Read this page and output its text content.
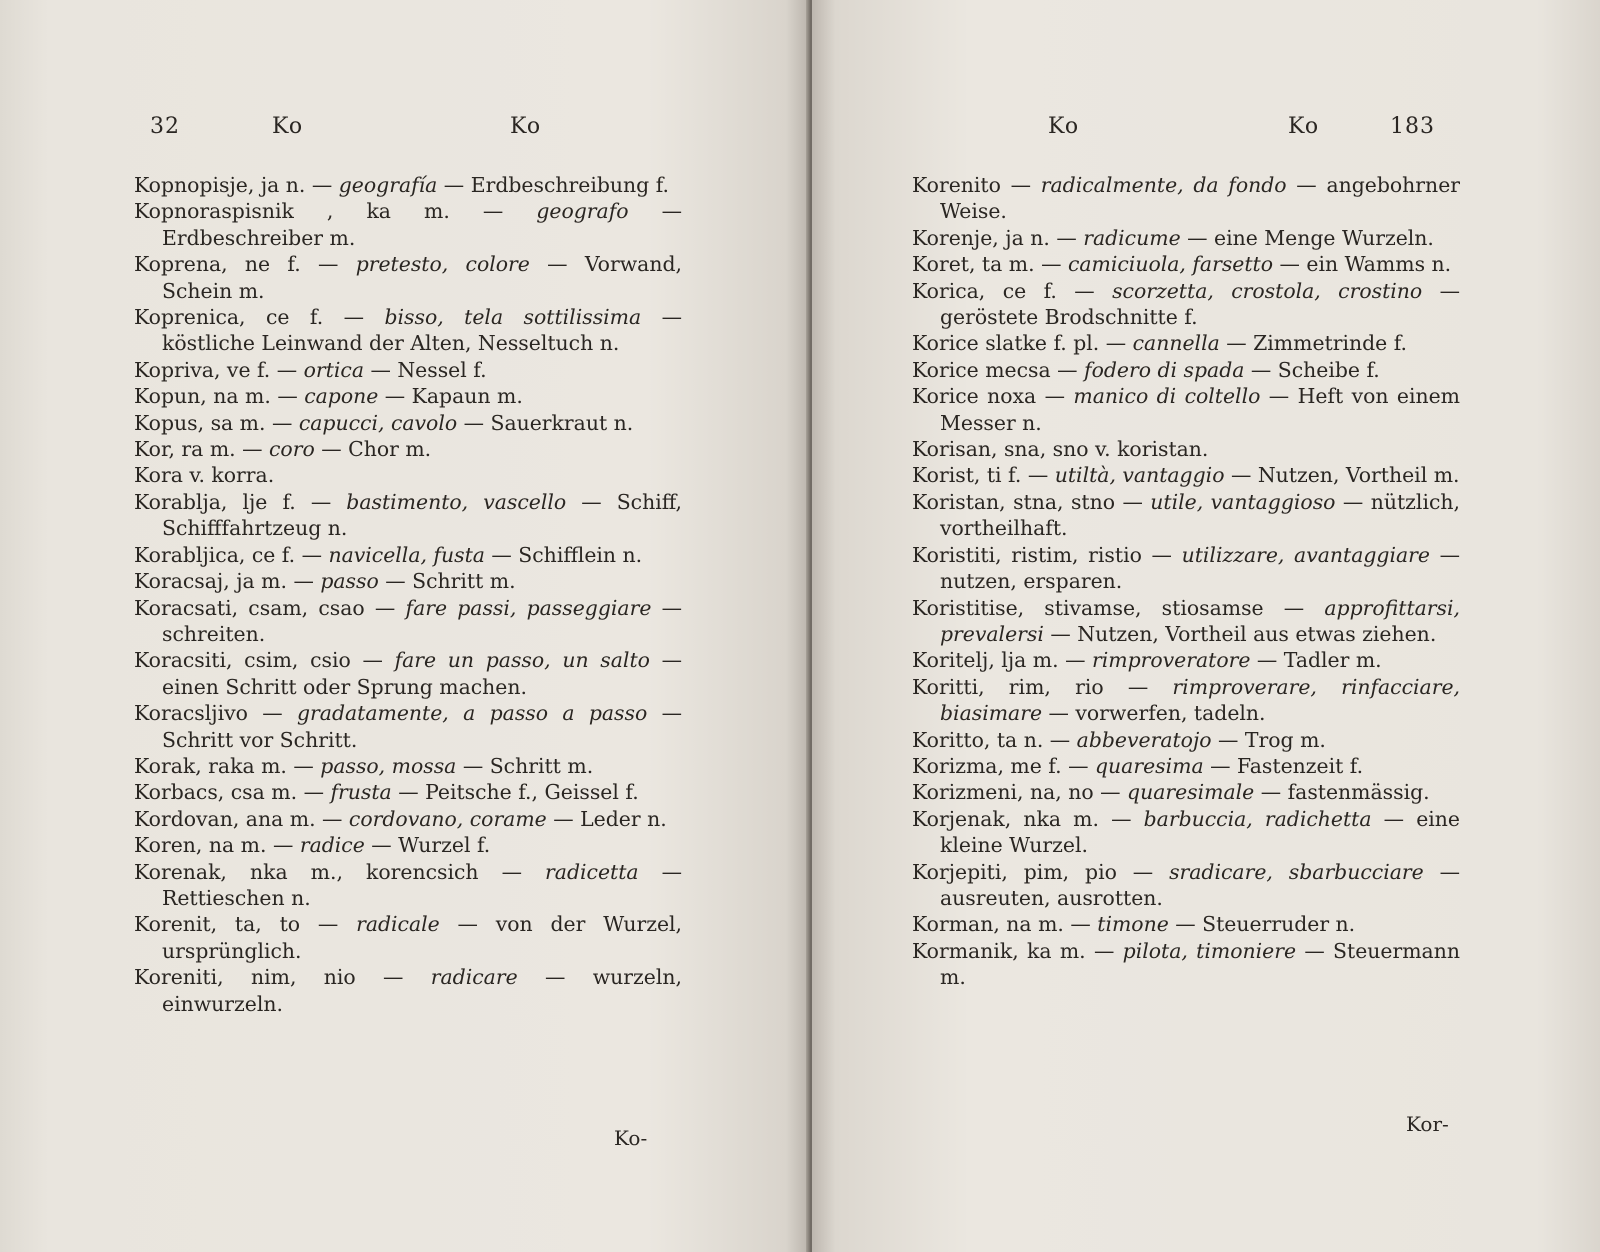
32	Ko	Ko
Kopnopisje, ja n. — geografía — Erdbeschreibung f.
Kopnoraspisnik , ka m. — geografo — Erdbeschreiber m.
Koprena, ne f. — pretesto, colore — Vorwand, Schein m.
Koprenica, ce f. — bisso, tela sottilissima — köstliche Leinwand der Alten, Nesseltuch n.
Kopriva, ve f. — ortica — Nessel f.
Kopun, na m. — capone — Kapaun m.
Kopus, sa m. — capucci, cavolo — Sauerkraut n.
Kor, ra m. — coro — Chor m.
Kora v. korra.
Korablja, lje f. — bastimento, vascello — Schiff, Schifffahrtzeug n.
Korabljica, ce f. — navicella, fusta — Schifflein n.
Koracsaj, ja m. — passo — Schritt m.
Koracsati, csam, csao — fare passi, passeggiare — schreiten.
Koracsiti, csim, csio — fare un passo, un salto — einen Schritt oder Sprung machen.
Koracsljivo — gradatamente, a passo a passo — Schritt vor Schritt.
Korak, raka m. — passo, mossa — Schritt m.
Korbacs, csa m. — frusta — Peitsche f., Geissel f.
Kordovan, ana m. — cordovano, corame — Leder n.
Koren, na m. — radice — Wurzel f.
Korenak, nka m., korencsich — radicetta — Rettieschen n.
Korenit, ta, to — radicale — von der Wurzel, ursprünglich.
Koreniti, nim, nio — radicare — wurzeln, einwurzeln.
Ko-
Ko	Ko	183
Korenito — radicalmente, da fondo — angebohrner Weise.
Korenje, ja n. — radicume — eine Menge Wurzeln.
Koret, ta m. — camiciuola, farsetto — ein Wamms n.
Korica, ce f. — scorzetta, crostola, crostino — geröstete Brodschnitte f.
Korice slatke f. pl. — cannella — Zimmetrinde f.
Korice mecsa — fodero di spada — Scheibe f.
Korice noxa — manico di coltello — Heft von einem Messer n.
Korisan, sna, sno v. koristan.
Korist, ti f. — utiltà, vantaggio — Nutzen, Vortheil m.
Koristan, stna, stno — utile, vantaggioso — nützlich, vortheilhaft.
Koristiti, ristim, ristio — utilizzare, avantaggiare — nutzen, ersparen.
Koristitise, stivamse, stiosamse — approfittarsi, prevalersi — Nutzen, Vortheil aus etwas ziehen.
Koritelj, lja m. — rimproveratore — Tadler m.
Koritti, rim, rio — rimproverare, rinfacciare, biasimare — vorwerfen, tadeln.
Koritto, ta n. — abbeveratojo — Trog m.
Korizma, me f. — quaresima — Fastenzeit f.
Korizmeni, na, no — quaresimale — fastenmässig.
Korjenak, nka m. — barbuccia, radichetta — eine kleine Wurzel.
Korjepiti, pim, pio — sradicare, sbarbucciare — ausreuten, ausrotten.
Korman, na m. — timone — Steuerruder n.
Kormanik, ka m. — pilota, timoniere — Steuermann m.
Kor-
